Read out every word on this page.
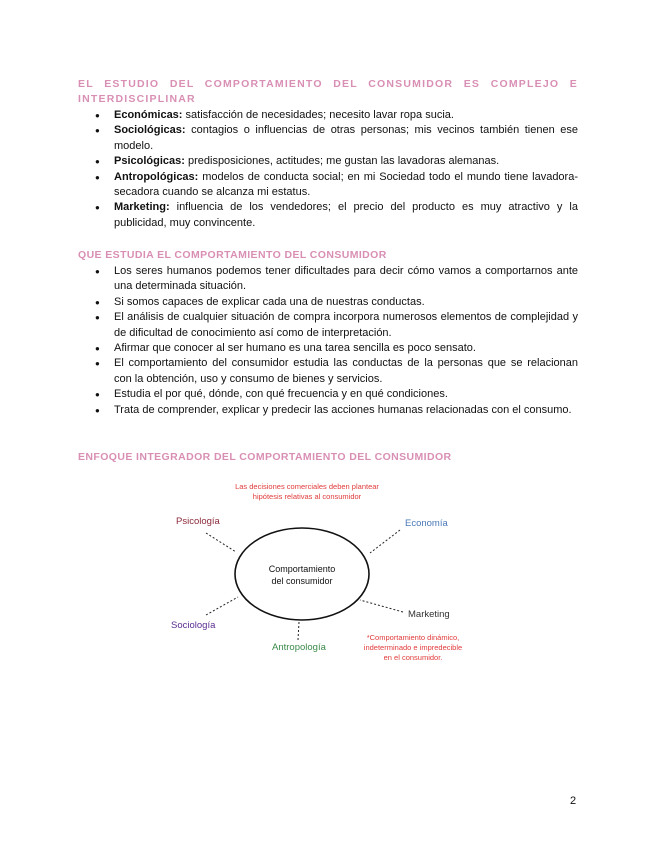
EL ESTUDIO DEL COMPORTAMIENTO DEL CONSUMIDOR ES COMPLEJO E INTERDISCIPLINAR
● Económicas: satisfacción de necesidades; necesito lavar ropa sucia.
● Sociológicas: contagios o influencias de otras personas; mis vecinos también tienen ese modelo.
● Psicológicas: predisposiciones, actitudes; me gustan las lavadoras alemanas.
● Antropológicas: modelos de conducta social; en mi Sociedad todo el mundo tiene lavadora-secadora cuando se alcanza mi estatus.
● Marketing: influencia de los vendedores; el precio del producto es muy atractivo y la publicidad, muy convincente.
QUE ESTUDIA EL COMPORTAMIENTO DEL CONSUMIDOR
● Los seres humanos podemos tener dificultades para decir cómo vamos a comportarnos ante una determinada situación.
● Si somos capaces de explicar cada una de nuestras conductas.
● El análisis de cualquier situación de compra incorpora numerosos elementos de complejidad y de dificultad de conocimiento así como de interpretación.
● Afirmar que conocer al ser humano es una tarea sencilla es poco sensato.
● El comportamiento del consumidor estudia las conductas de la personas que se relacionan con la obtención, uso y consumo de bienes y servicios.
● Estudia el por qué, dónde, con qué frecuencia y en qué condiciones.
● Trata de comprender, explicar y predecir las acciones humanas relacionadas con el consumo.
ENFOQUE INTEGRADOR DEL COMPORTAMIENTO DEL CONSUMIDOR
Las decisiones comerciales deben plantear
hipótesis relativas al consumidor
Comportamiento
del consumidor
Psicología	Economía
Marketing
Sociología
Antropología
*Comportamiento dinámico,
indeterminado e impredecible
en el consumidor.
2
